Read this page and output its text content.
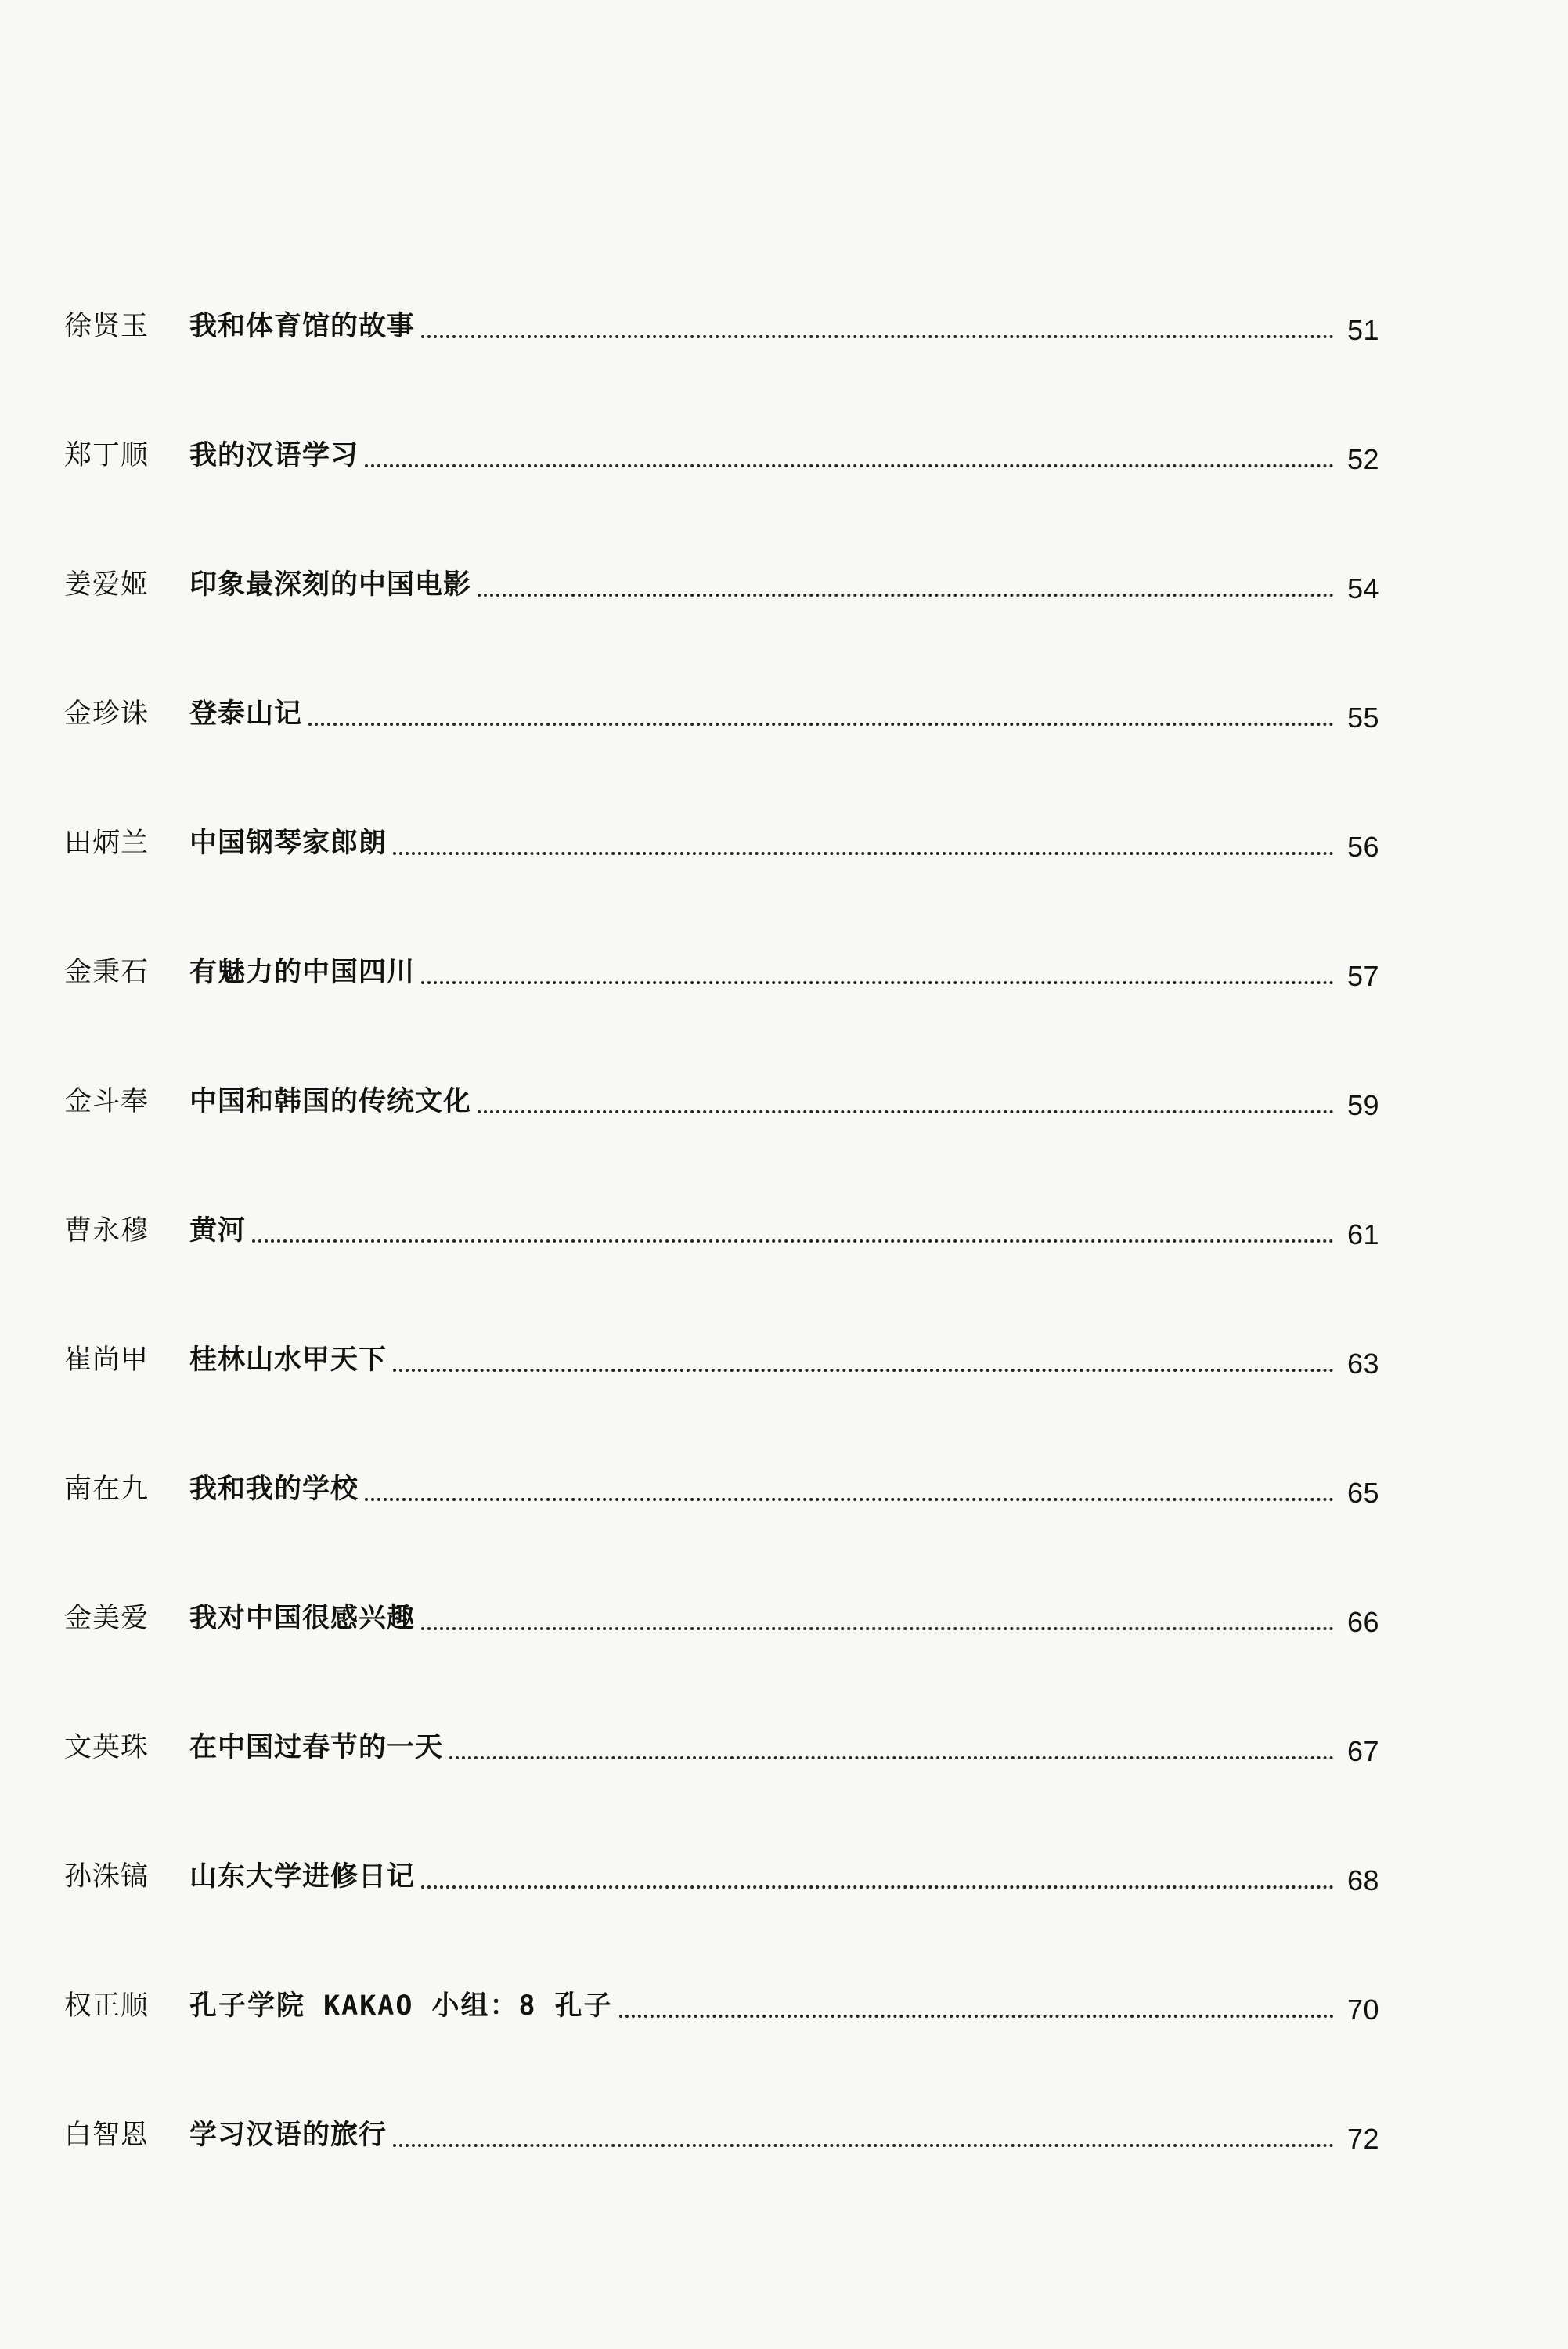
徐贤玉	我和体育馆的故事	51
郑丁顺	我的汉语学习	52
姜爱姬	印象最深刻的中国电影	54
金珍诛	登泰山记	55
田炳兰	中国钢琴家郎朗	56
金秉石	有魅力的中国四川	57
金斗奉	中国和韩国的传统文化	59
曹永穆	黄河	61
崔尚甲	桂林山水甲天下	63
南在九	我和我的学校	65
金美爱	我对中国很感兴趣	66
文英珠	在中国过春节的一天	67
孙洙镐	山东大学进修日记	68
权正顺	孔子学院 KAKAO 小组：8 孔子	70
白智恩	学习汉语的旅行	72
